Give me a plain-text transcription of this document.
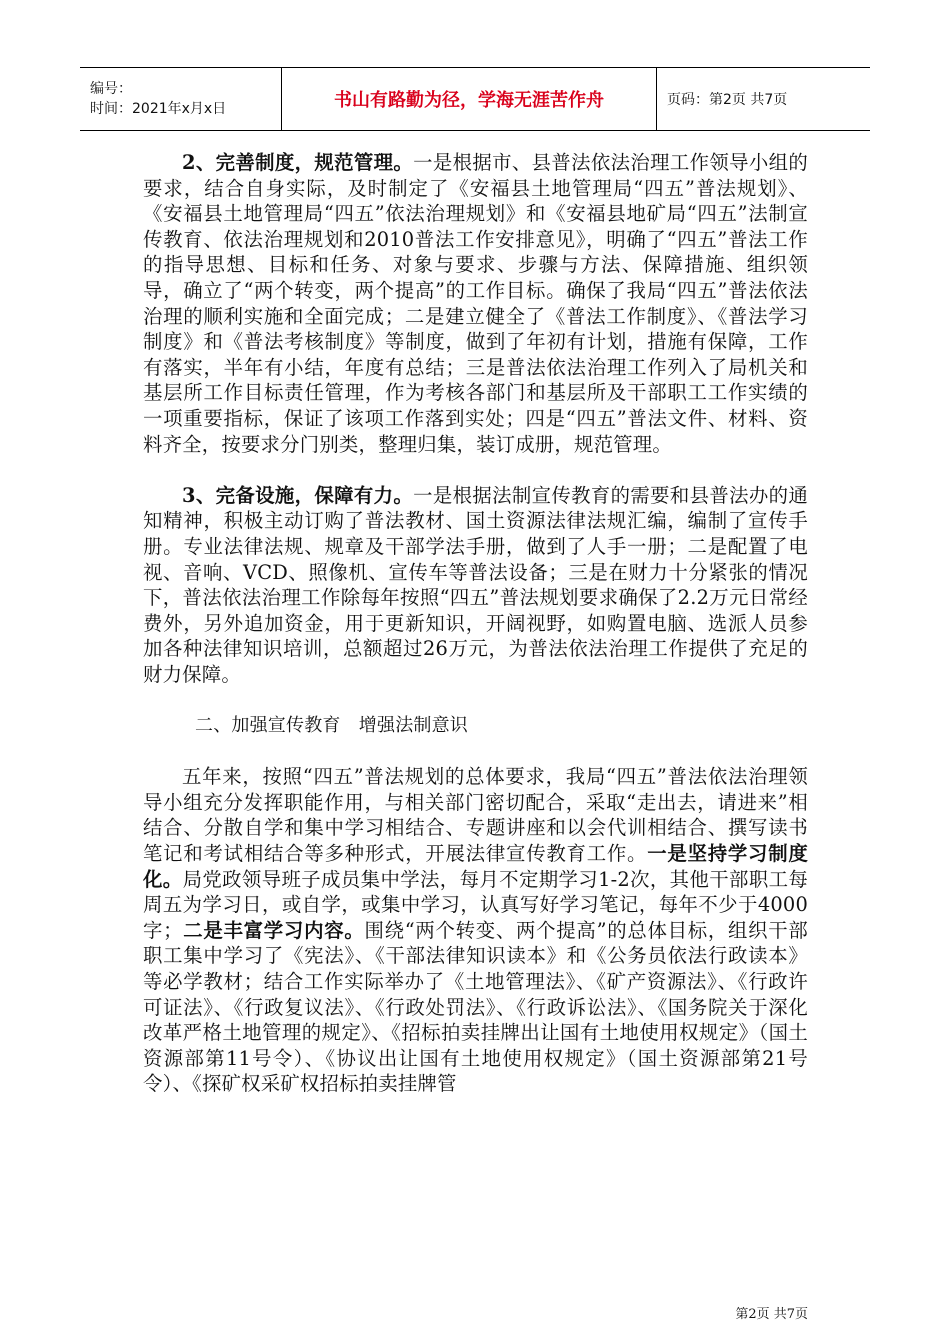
编号：
时间：2021年x月x日	书山有路勤为径，学海无涯苦作舟	页码：第2页 共7页

2、完善制度，规范管理。一是根据市、县普法依法治理工作领导小组的要求，结合自身实际，及时制定了《安福县土地管理局“四五”普法规划》、《安福县土地管理局“四五”依法治理规划》和《安福县地矿局“四五”法制宣传教育、依法治理规划和2010普法工作安排意见》，明确了“四五”普法工作的指导思想、目标和任务、对象与要求、步骤与方法、保障措施、组织领导，确立了“两个转变，两个提高”的工作目标。确保了我局“四五”普法依法治理的顺利实施和全面完成；二是建立健全了《普法工作制度》、《普法学习制度》和《普法考核制度》等制度，做到了年初有计划，措施有保障，工作有落实，半年有小结，年度有总结；三是普法依法治理工作列入了局机关和基层所工作目标责任管理，作为考核各部门和基层所及干部职工工作实绩的一项重要指标，保证了该项工作落到实处；四是“四五”普法文件、材料、资料齐全，按要求分门别类，整理归集，装订成册，规范管理。

3、完备设施，保障有力。一是根据法制宣传教育的需要和县普法办的通知精神，积极主动订购了普法教材、国土资源法律法规汇编，编制了宣传手册。专业法律法规、规章及干部学法手册，做到了人手一册；二是配置了电视、音响、VCD、照像机、宣传车等普法设备；三是在财力十分紧张的情况下，普法依法治理工作除每年按照“四五”普法规划要求确保了2.2万元日常经费外，另外追加资金，用于更新知识，开阔视野，如购置电脑、选派人员参加各种法律知识培训，总额超过26万元，为普法依法治理工作提供了充足的财力保障。

二、加强宣传教育　增强法制意识

五年来，按照“四五”普法规划的总体要求，我局“四五”普法依法治理领导小组充分发挥职能作用，与相关部门密切配合，采取“走出去，请进来”相结合、分散自学和集中学习相结合、专题讲座和以会代训相结合、撰写读书笔记和考试相结合等多种形式，开展法律宣传教育工作。一是坚持学习制度化。局党政领导班子成员集中学法，每月不定期学习1-2次，其他干部职工每周五为学习日，或自学，或集中学习，认真写好学习笔记，每年不少于4000字；二是丰富学习内容。围绕“两个转变、两个提高”的总体目标，组织干部职工集中学习了《宪法》、《干部法律知识读本》和《公务员依法行政读本》等必学教材；结合工作实际举办了《土地管理法》、《矿产资源法》、《行政许可证法》、《行政复议法》、《行政处罚法》、《行政诉讼法》、《国务院关于深化改革严格土地管理的规定》、《招标拍卖挂牌出让国有土地使用权规定》（国土资源部第11号令）、《协议出让国有土地使用权规定》（国土资源部第21号令）、《探矿权采矿权招标拍卖挂牌管

第2页 共7页
